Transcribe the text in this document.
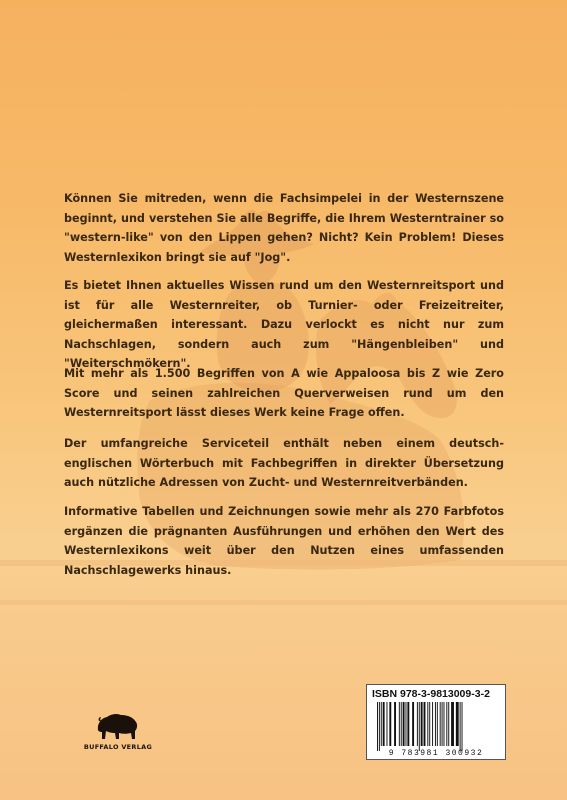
Können Sie mitreden, wenn die Fachsimpelei in der Westernszene beginnt, und verstehen Sie alle Begriffe, die Ihrem Westerntrainer so "western-like" von den Lippen gehen? Nicht? Kein Problem! Dieses Westernlexikon bringt sie auf "Jog".

Es bietet Ihnen aktuelles Wissen rund um den Westernreitsport und ist für alle Westernreiter, ob Turnier- oder Freizeitreiter, gleichermaßen interessant. Dazu verlockt es nicht nur zum Nachschlagen, sondern auch zum "Hängenbleiben" und "Weiterschmökern".

Mit mehr als 1.500 Begriffen von A wie Appaloosa bis Z wie Zero Score und seinen zahlreichen Querverweisen rund um den Westernreitsport lässt dieses Werk keine Frage offen.

Der umfangreiche Serviceteil enthält neben einem deutsch-englischen Wörterbuch mit Fachbegriffen in direkter Übersetzung auch nützliche Adressen von Zucht- und Westernreitverbänden.

Informative Tabellen und Zeichnungen sowie mehr als 270 Farbfotos ergänzen die prägnanten Ausführungen und erhöhen den Wert des Westernlexikons weit über den Nutzen eines umfassenden Nachschlagewerks hinaus.

BUFFALO VERLAG
ISBN 978-3-9813009-3-2
9 783981 300932
